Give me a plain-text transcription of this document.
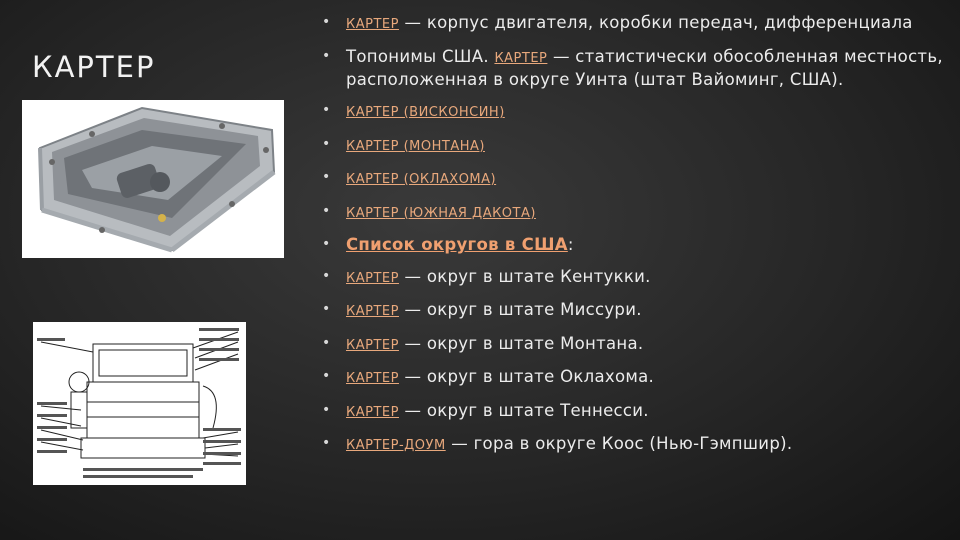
КАРТЕР
• КАРТЕР — корпус двигателя, коробки передач, дифференциала
• Топонимы США. КАРТЕР — статистически обособленная местность, расположенная в округе Уинта (штат Вайоминг, США).
• КАРТЕР (ВИСКОНСИН)
• КАРТЕР (МОНТАНА)
• КАРТЕР (ОКЛАХОМА)
• КАРТЕР (ЮЖНАЯ ДАКОТА)
• Список округов в США:
• КАРТЕР — округ в штате Кентукки.
• КАРТЕР — округ в штате Миссури.
• КАРТЕР — округ в штате Монтана.
• КАРТЕР — округ в штате Оклахома.
• КАРТЕР — округ в штате Теннесси.
• КАРТЕР-ДОУМ — гора в округе Коос (Нью-Гэмпшир).
